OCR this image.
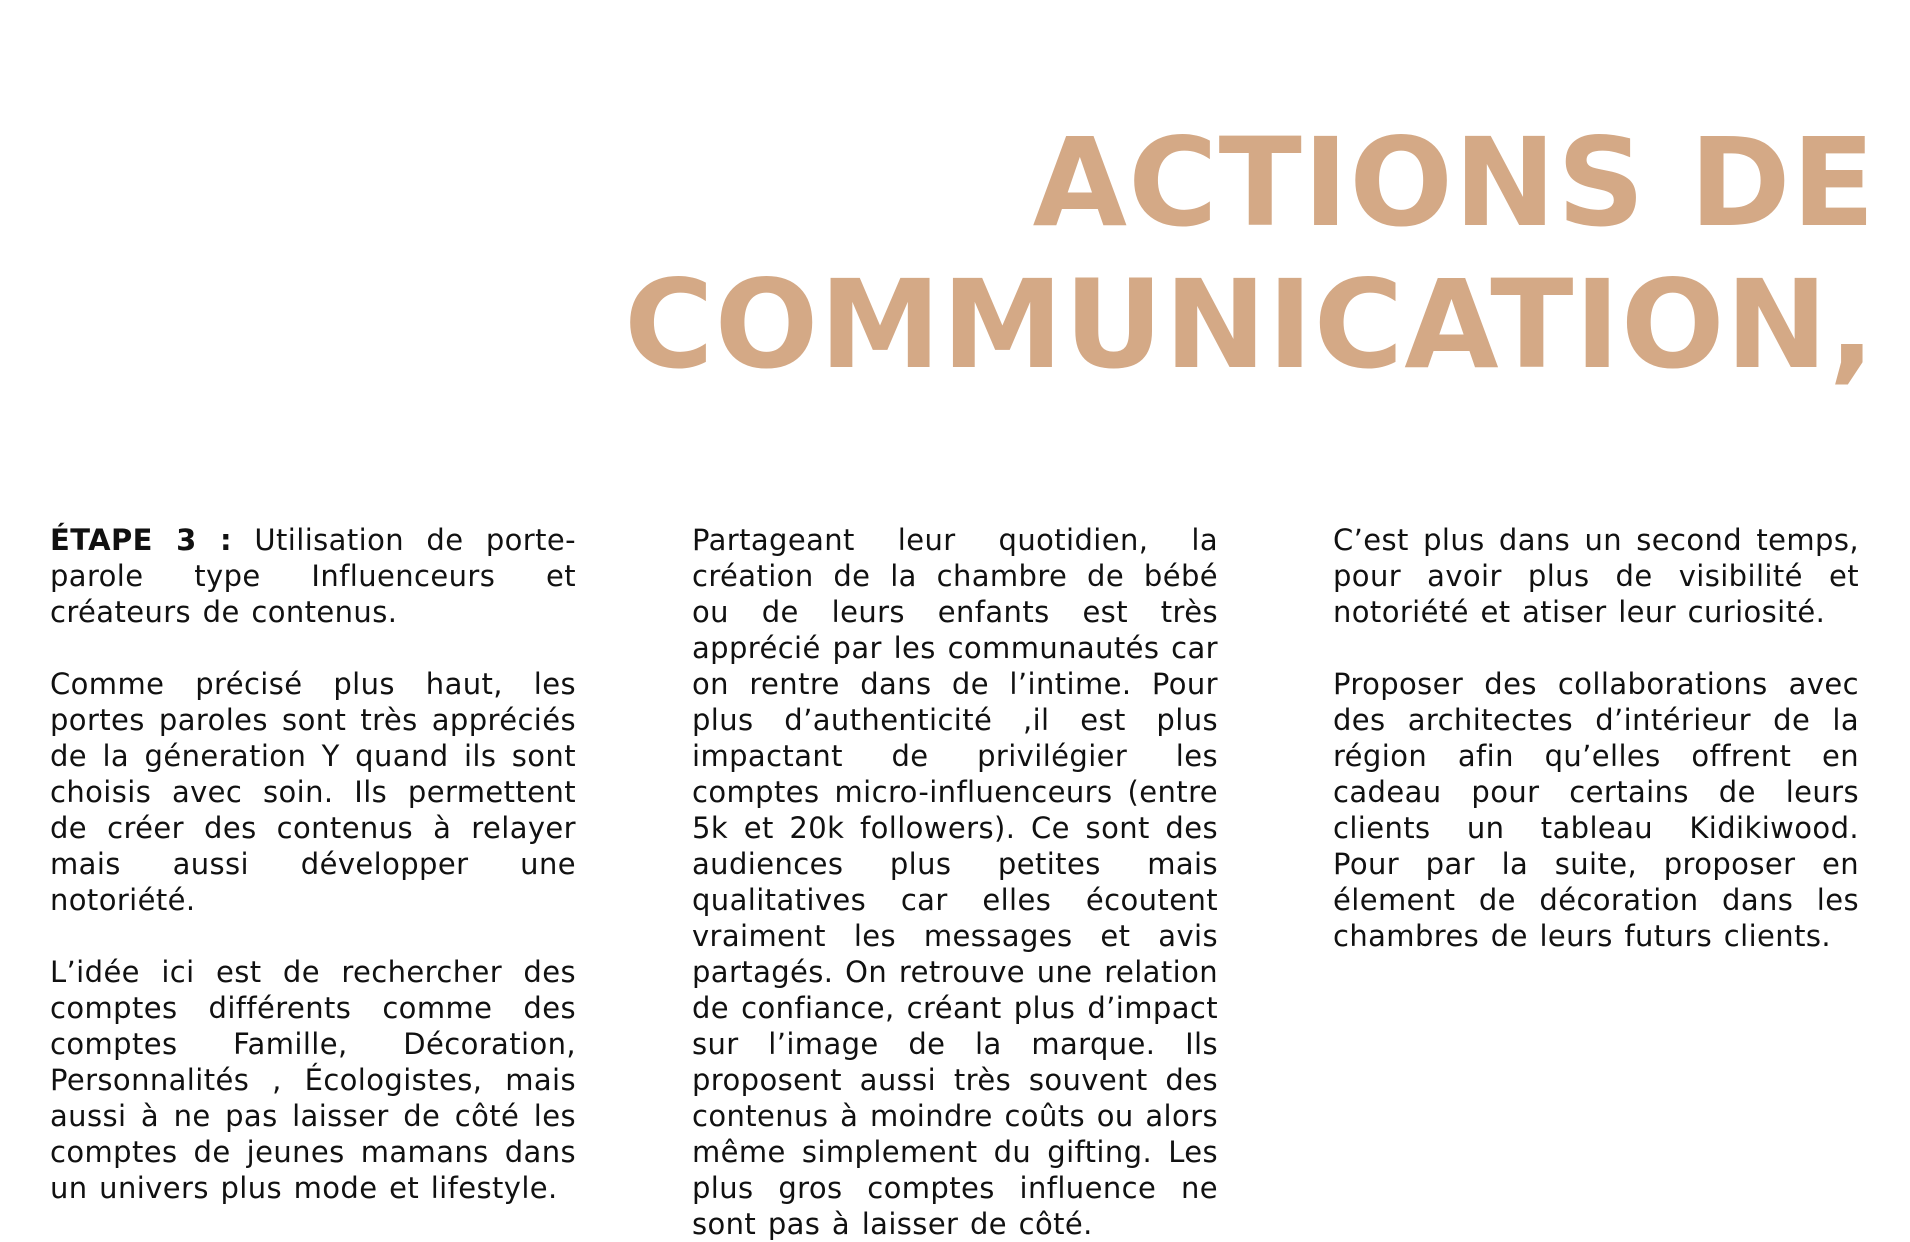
ACTIONS DE
COMMUNICATION,

ÉTAPE 3 : Utilisation de porte-parole type Influenceurs et créateurs de contenus.

Comme précisé plus haut, les portes paroles sont très appréciés de la géneration Y quand ils sont choisis avec soin. Ils permettent de créer des contenus à relayer mais aussi développer une notoriété.

L’idée ici est de rechercher des comptes différents comme des comptes Famille, Décoration, Personnalités , Écologistes, mais aussi à ne pas laisser de côté les comptes de jeunes mamans dans un univers plus mode et lifestyle.

Partageant leur quotidien, la création de la chambre de bébé ou de leurs enfants est très apprécié par les communautés car on rentre dans de l’intime. Pour plus d’authenticité ,il est plus impactant de privilégier les comptes micro-influenceurs (entre 5k et 20k followers). Ce sont des audiences plus petites mais qualitatives car elles écoutent vraiment les messages et avis partagés. On retrouve une relation de confiance, créant plus d’impact sur l’image de la marque. Ils proposent aussi très souvent des contenus à moindre coûts ou alors même simplement du gifting. Les plus gros comptes influence ne sont pas à laisser de côté.

C’est plus dans un second temps, pour avoir plus de visibilité et notoriété et atiser leur curiosité.

Proposer des collaborations avec des architectes d’intérieur de la région afin qu’elles offrent en cadeau pour certains de leurs clients un tableau Kidikiwood. Pour par la suite, proposer en élement de décoration dans les chambres de leurs futurs clients.
